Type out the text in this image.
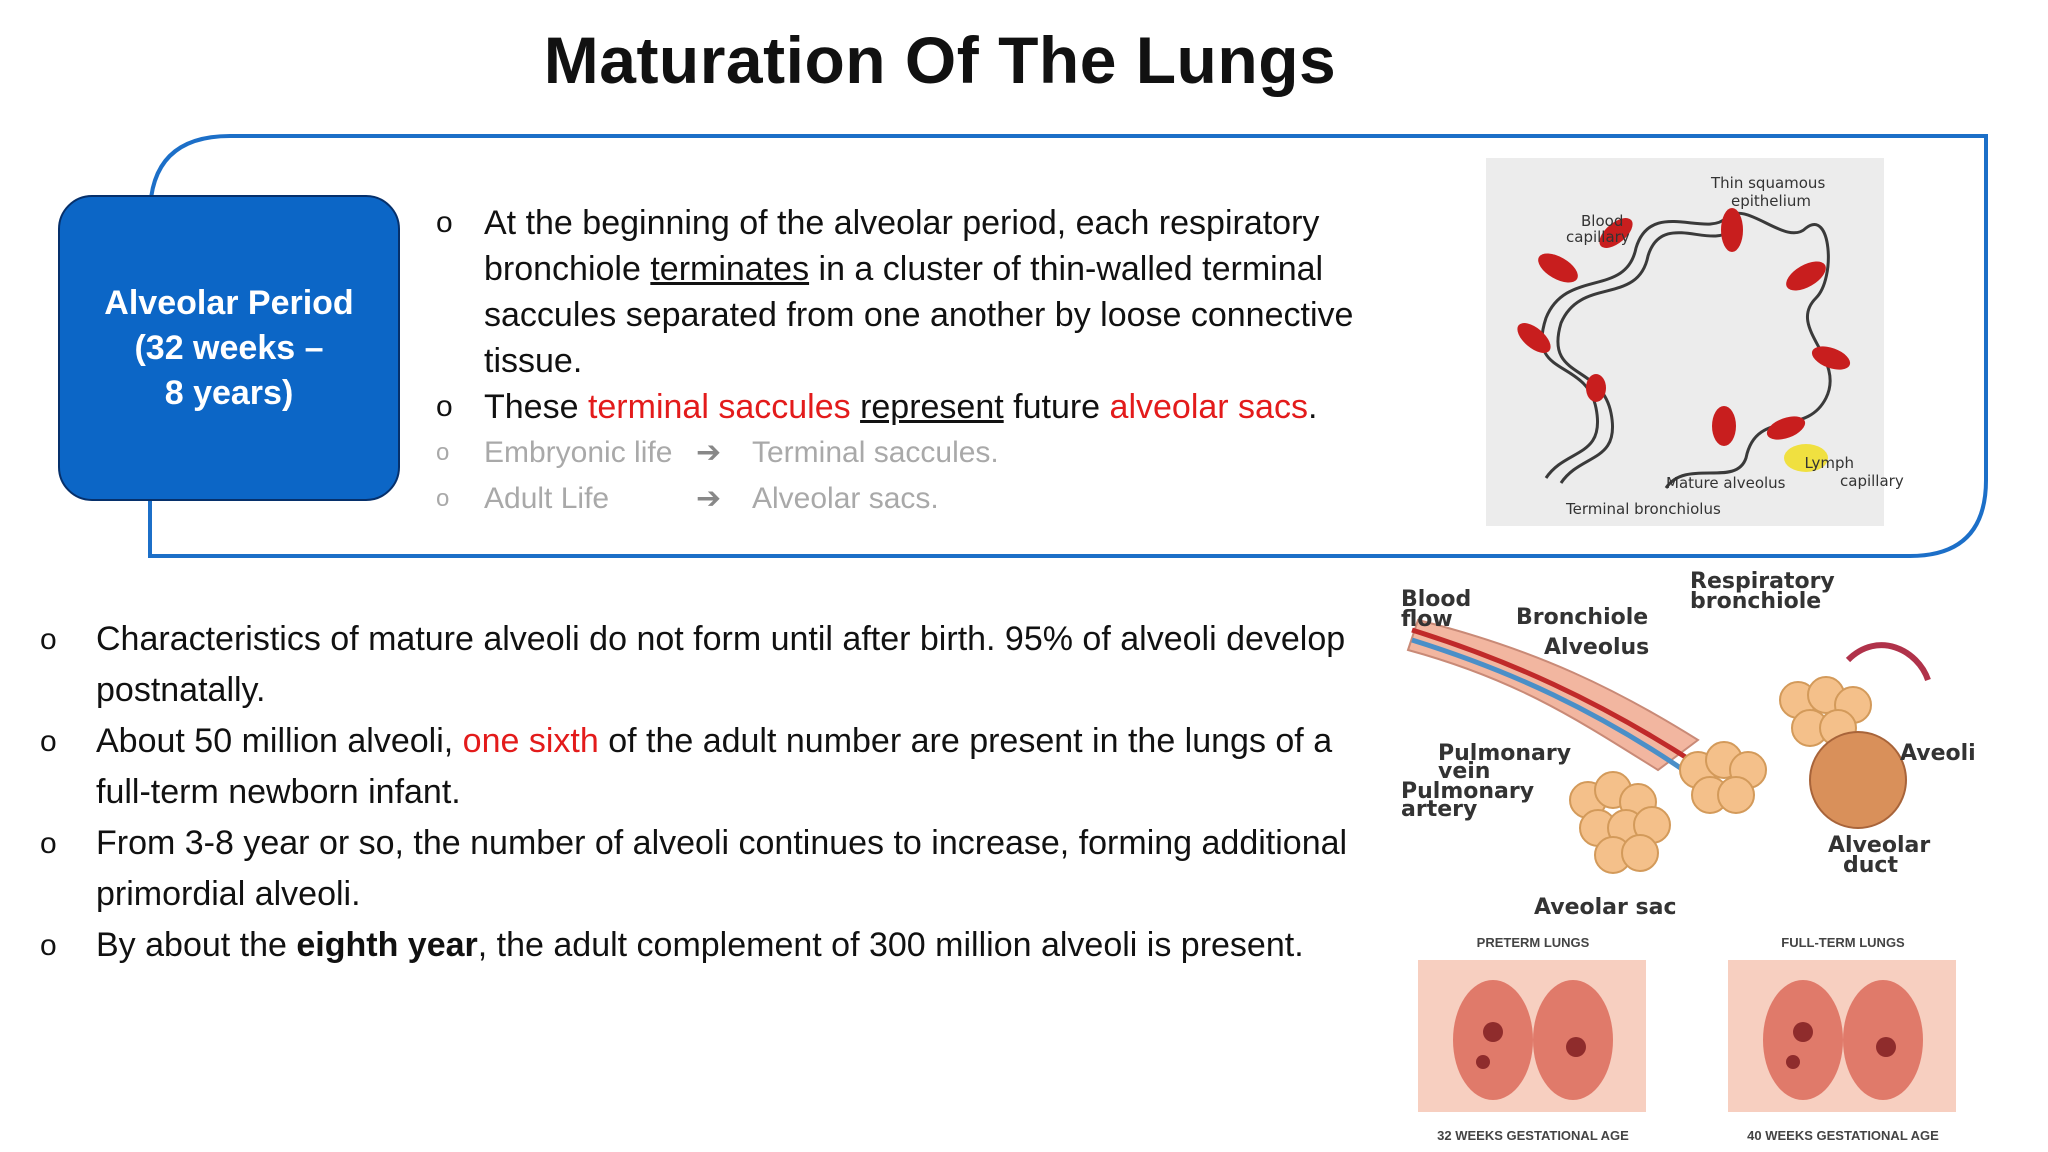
Maturation Of The Lungs
Alveolar Period
(32 weeks –
8 years)
o At the beginning of the alveolar period, each respiratory bronchiole terminates in a cluster of thin-walled terminal saccules separated from one another by loose connective tissue.
o These terminal saccules represent future alveolar sacs.
o Embryonic life ➔ Terminal saccules.
o Adult Life	➔ Alveolar sacs.
Thin squamous
epithelium
Blood
capillary
Lymph
capillary
Mature alveolus
Terminal bronchiolus
o Characteristics of mature alveoli do not form until after birth. 95% of alveoli develop postnatally.
o About 50 million alveoli, one sixth of the adult number are present in the lungs of a full-term newborn infant.
o From 3-8 year or so, the number of alveoli continues to increase, forming additional primordial alveoli.
o By about the eighth year, the adult complement of 300 million alveoli is present.
Blood
flow	Bronchiole
Alveolus
Respiratory
bronchiole
Pulmonary
vein
Pulmonary
artery
Aveoli
Alveolar
duct
Aveolar sac
PRETERM LUNGS	FULL-TERM LUNGS
32 WEEKS GESTATIONAL AGE	40 WEEKS GESTATIONAL AGE
